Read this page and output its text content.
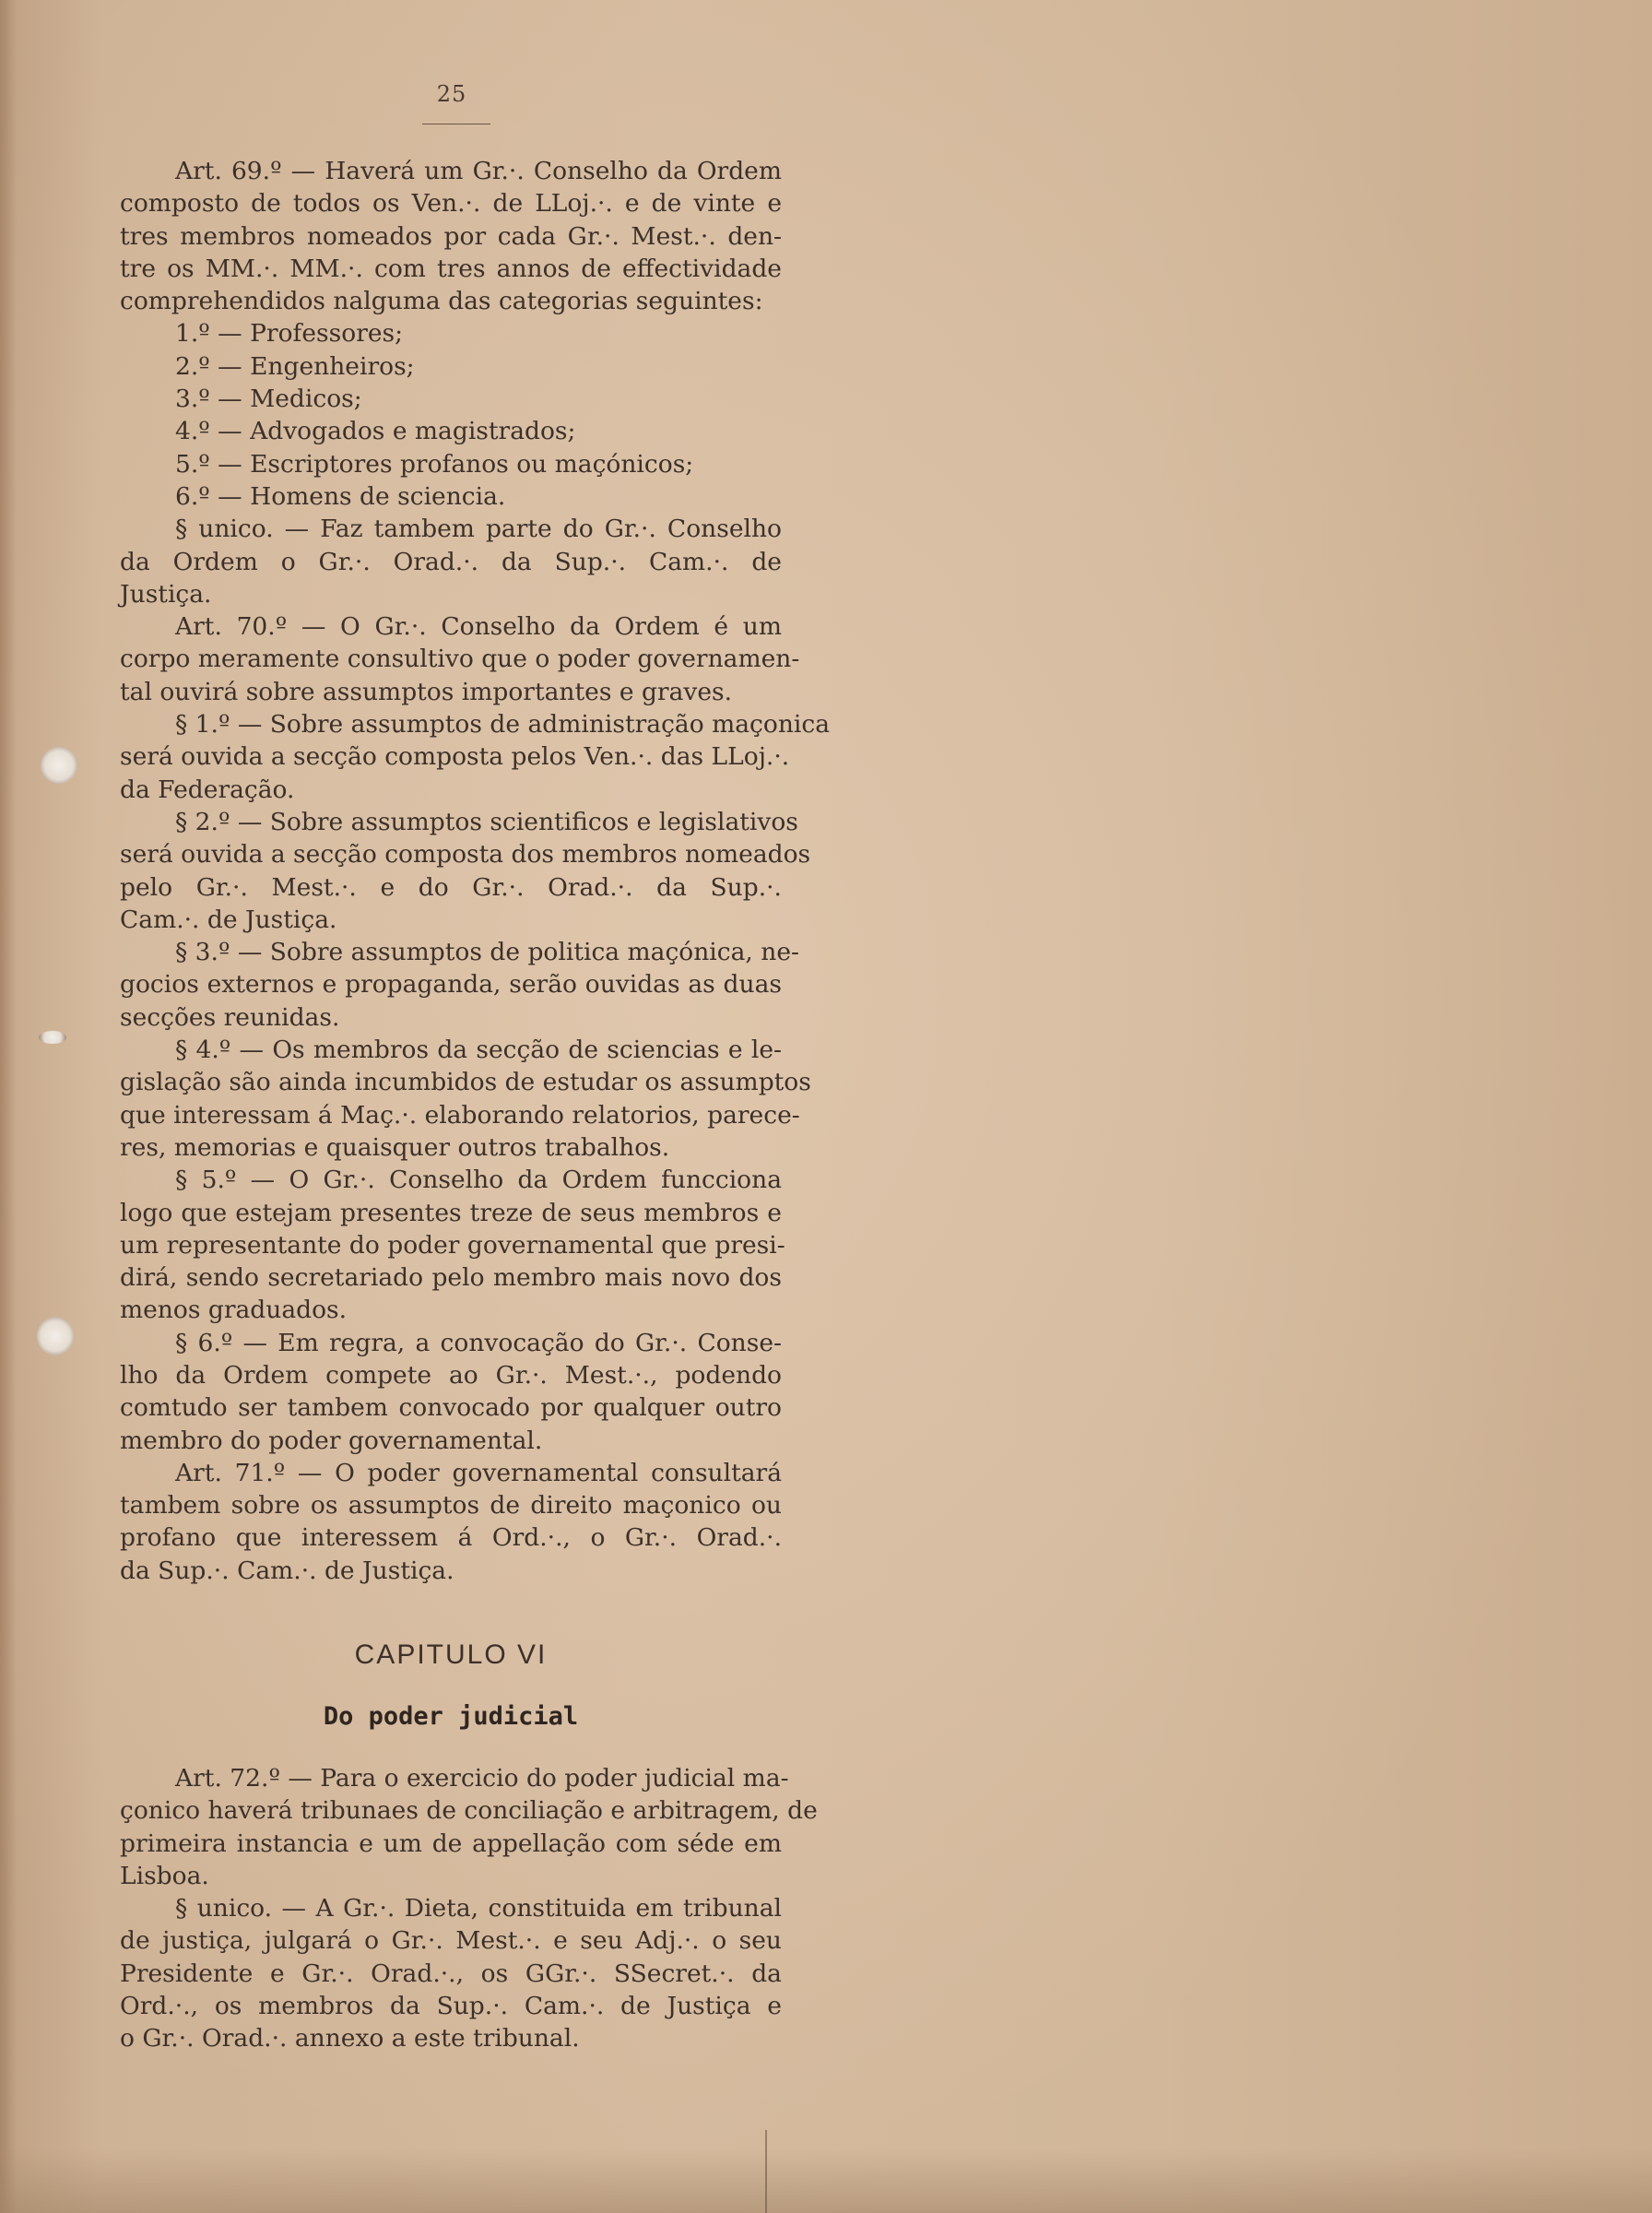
25
Art. 69.º — Haverá um Gr.·. Conselho da Ordem
composto de todos os Ven.·. de LLoj.·. e de vinte e
tres membros nomeados por cada Gr.·. Mest.·. den-
tre os MM.·. MM.·. com tres annos de effectividade
comprehendidos nalguma das categorias seguintes:
1.º — Professores;
2.º — Engenheiros;
3.º — Medicos;
4.º — Advogados e magistrados;
5.º — Escriptores profanos ou maçónicos;
6.º — Homens de sciencia.
§ unico. — Faz tambem parte do Gr.·. Conselho
da Ordem o Gr.·. Orad.·. da Sup.·. Cam.·. de
Justiça.
Art. 70.º — O Gr.·. Conselho da Ordem é um
corpo meramente consultivo que o poder governamen-
tal ouvirá sobre assumptos importantes e graves.
§ 1.º — Sobre assumptos de administração maçonica
será ouvida a secção composta pelos Ven.·. das LLoj.·.
da Federação.
§ 2.º — Sobre assumptos scientificos e legislativos
será ouvida a secção composta dos membros nomeados
pelo Gr.·. Mest.·. e do Gr.·. Orad.·. da Sup.·.
Cam.·. de Justiça.
§ 3.º — Sobre assumptos de politica maçónica, ne-
gocios externos e propaganda, serão ouvidas as duas
secções reunidas.
§ 4.º — Os membros da secção de sciencias e le-
gislação são ainda incumbidos de estudar os assumptos
que interessam á Maç.·. elaborando relatorios, parece-
res, memorias e quaisquer outros trabalhos.
§ 5.º — O Gr.·. Conselho da Ordem funcciona
logo que estejam presentes treze de seus membros e
um representante do poder governamental que presi-
dirá, sendo secretariado pelo membro mais novo dos
menos graduados.
§ 6.º — Em regra, a convocação do Gr.·. Conse-
lho da Ordem compete ao Gr.·. Mest.·., podendo
comtudo ser tambem convocado por qualquer outro
membro do poder governamental.
Art. 71.º — O poder governamental consultará
tambem sobre os assumptos de direito maçonico ou
profano que interessem á Ord.·., o Gr.·. Orad.·.
da Sup.·. Cam.·. de Justiça.
CAPITULO VI
Do poder judicial
Art. 72.º — Para o exercicio do poder judicial ma-
çonico haverá tribunaes de conciliação e arbitragem, de
primeira instancia e um de appellação com séde em
Lisboa.
§ unico. — A Gr.·. Dieta, constituida em tribunal
de justiça, julgará o Gr.·. Mest.·. e seu Adj.·. o seu
Presidente e Gr.·. Orad.·., os GGr.·. SSecret.·. da
Ord.·., os membros da Sup.·. Cam.·. de Justiça e
o Gr.·. Orad.·. annexo a este tribunal.
